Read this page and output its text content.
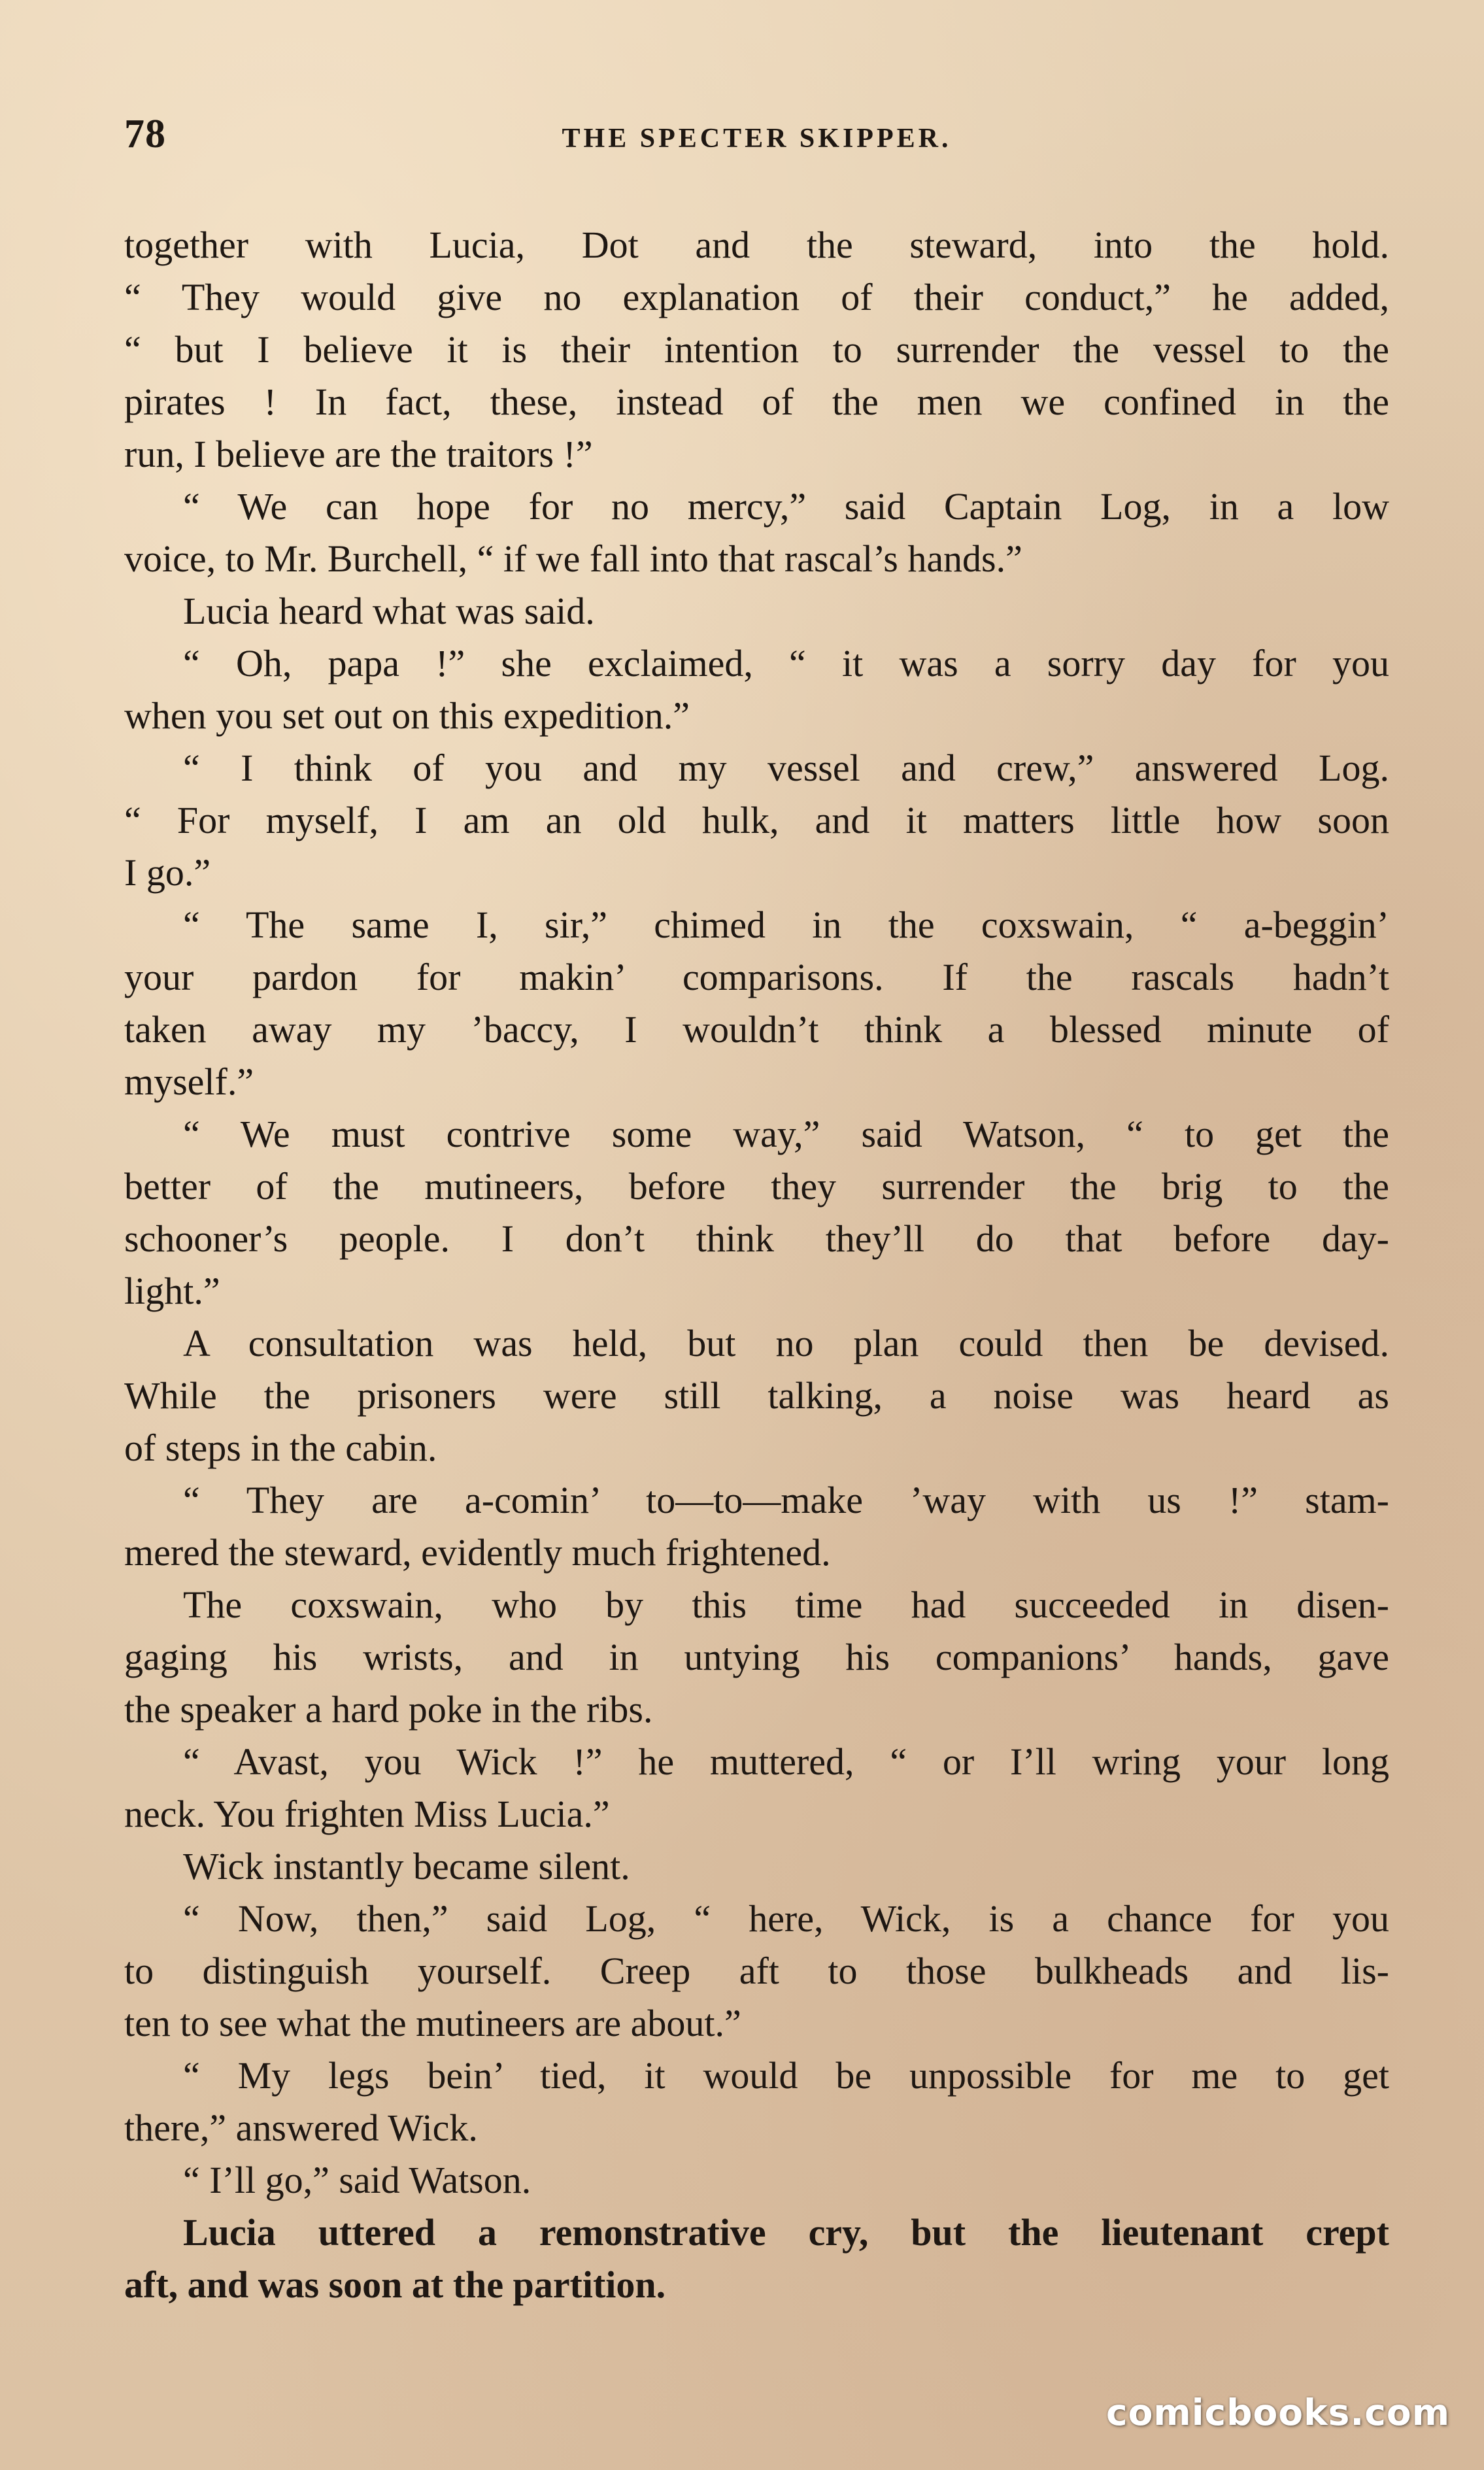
78	THE SPECTER SKIPPER.
together with Lucia, Dot and the steward, into the hold.
“ They would give no explanation of their conduct,” he added,
“ but I believe it is their intention to surrender the vessel to the
pirates ! In fact, these, instead of the men we confined in the
run, I believe are the traitors !”
“ We can hope for no mercy,” said Captain Log, in a low
voice, to Mr. Burchell, “ if we fall into that rascal’s hands.”
Lucia heard what was said.
“ Oh, papa !” she exclaimed, “ it was a sorry day for you
when you set out on this expedition.”
“ I think of you and my vessel and crew,” answered Log.
“ For myself, I am an old hulk, and it matters little how soon
I go.”
“ The same I, sir,” chimed in the coxswain, “ a-beggin’
your pardon for makin’ comparisons. If the rascals hadn’t
taken away my ’baccy, I wouldn’t think a blessed minute of
myself.”
“ We must contrive some way,” said Watson, “ to get the
better of the mutineers, before they surrender the brig to the
schooner’s people. I don’t think they’ll do that before day-
light.”
A consultation was held, but no plan could then be devised.
While the prisoners were still talking, a noise was heard as
of steps in the cabin.
“ They are a-comin’ to—to—make ’way with us !” stam-
mered the steward, evidently much frightened.
The coxswain, who by this time had succeeded in disen-
gaging his wrists, and in untying his companions’ hands, gave
the speaker a hard poke in the ribs.
“ Avast, you Wick !” he muttered, “ or I’ll wring your long
neck. You frighten Miss Lucia.”
Wick instantly became silent.
“ Now, then,” said Log, “ here, Wick, is a chance for you
to distinguish yourself. Creep aft to those bulkheads and lis-
ten to see what the mutineers are about.”
“ My legs bein’ tied, it would be unpossible for me to get
there,” answered Wick.
“ I’ll go,” said Watson.
Lucia uttered a remonstrative cry, but the lieutenant crept
aft, and was soon at the partition.
comicbooks.com
